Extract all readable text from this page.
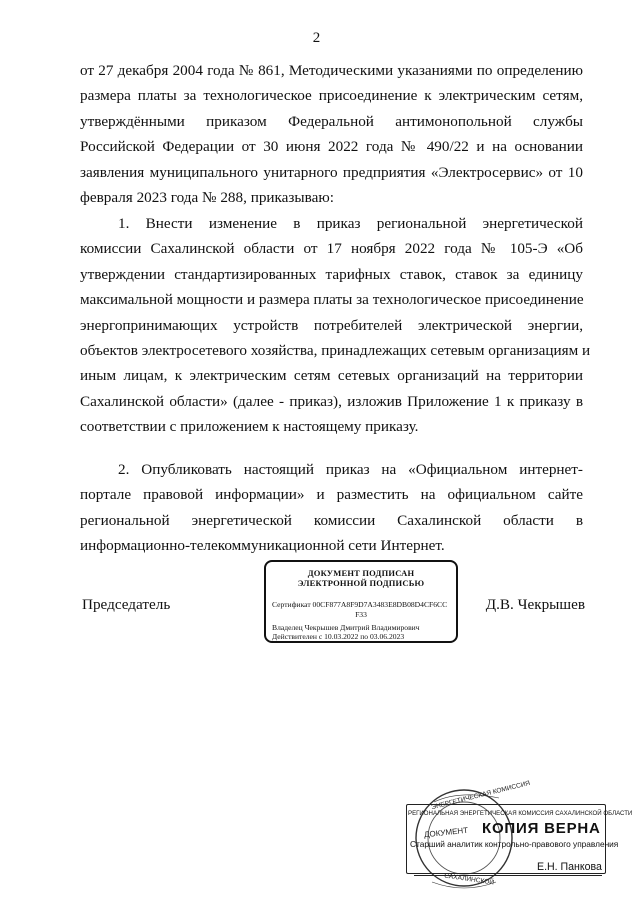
2
от 27 декабря 2004 года № 861, Методическими указаниями по определению
размера платы за технологическое присоединение к электрическим сетям,
утверждёнными приказом Федеральной антимонопольной службы
Российской Федерации от 30 июня 2022 года № 490/22 и на основании
заявления муниципального унитарного предприятия «Электросервис» от 10
февраля 2023 года № 288, приказываю:
1. Внести изменение в приказ региональной энергетической
комиссии Сахалинской области от 17 ноября 2022 года № 105-Э «Об
утверждении стандартизированных тарифных ставок, ставок за единицу
максимальной мощности и размера платы за технологическое присоединение
энергопринимающих устройств потребителей электрической энергии,
объектов электросетевого хозяйства, принадлежащих сетевым организациям и
иным лицам, к электрическим сетям сетевых организаций на территории
Сахалинской области» (далее - приказ), изложив Приложение 1 к приказу в
соответствии с приложением к настоящему приказу.
2. Опубликовать настоящий приказ на «Официальном интернет-
портале правовой информации» и разместить на официальном сайте
региональной энергетической комиссии Сахалинской области в
информационно-телекоммуникационной сети Интернет.
Председатель	Д.В. Чекрышев
ДОКУМЕНТ ПОДПИСАН
ЭЛЕКТРОННОЙ ПОДПИСЬЮ
Сертификат 00CF877A8F9D7A3483E8DB08D4CF6CC
F33
Владелец Чекрышев Дмитрий Владимирович
Действителен с 10.03.2022 по 03.06.2023
ЭНЕРГЕТИЧЕСКАЯ КОМИССИЯ
САХАЛИНСКОЙ
РЕГИОНАЛЬНАЯ ЭНЕРГЕТИЧЕСКАЯ КОМИССИЯ САХАЛИНСКОЙ ОБЛАСТИ
ДОКУМЕНТ КОПИЯ ВЕРНА
Старший аналитик контрольно-правового управления
Е.Н. Панкова
